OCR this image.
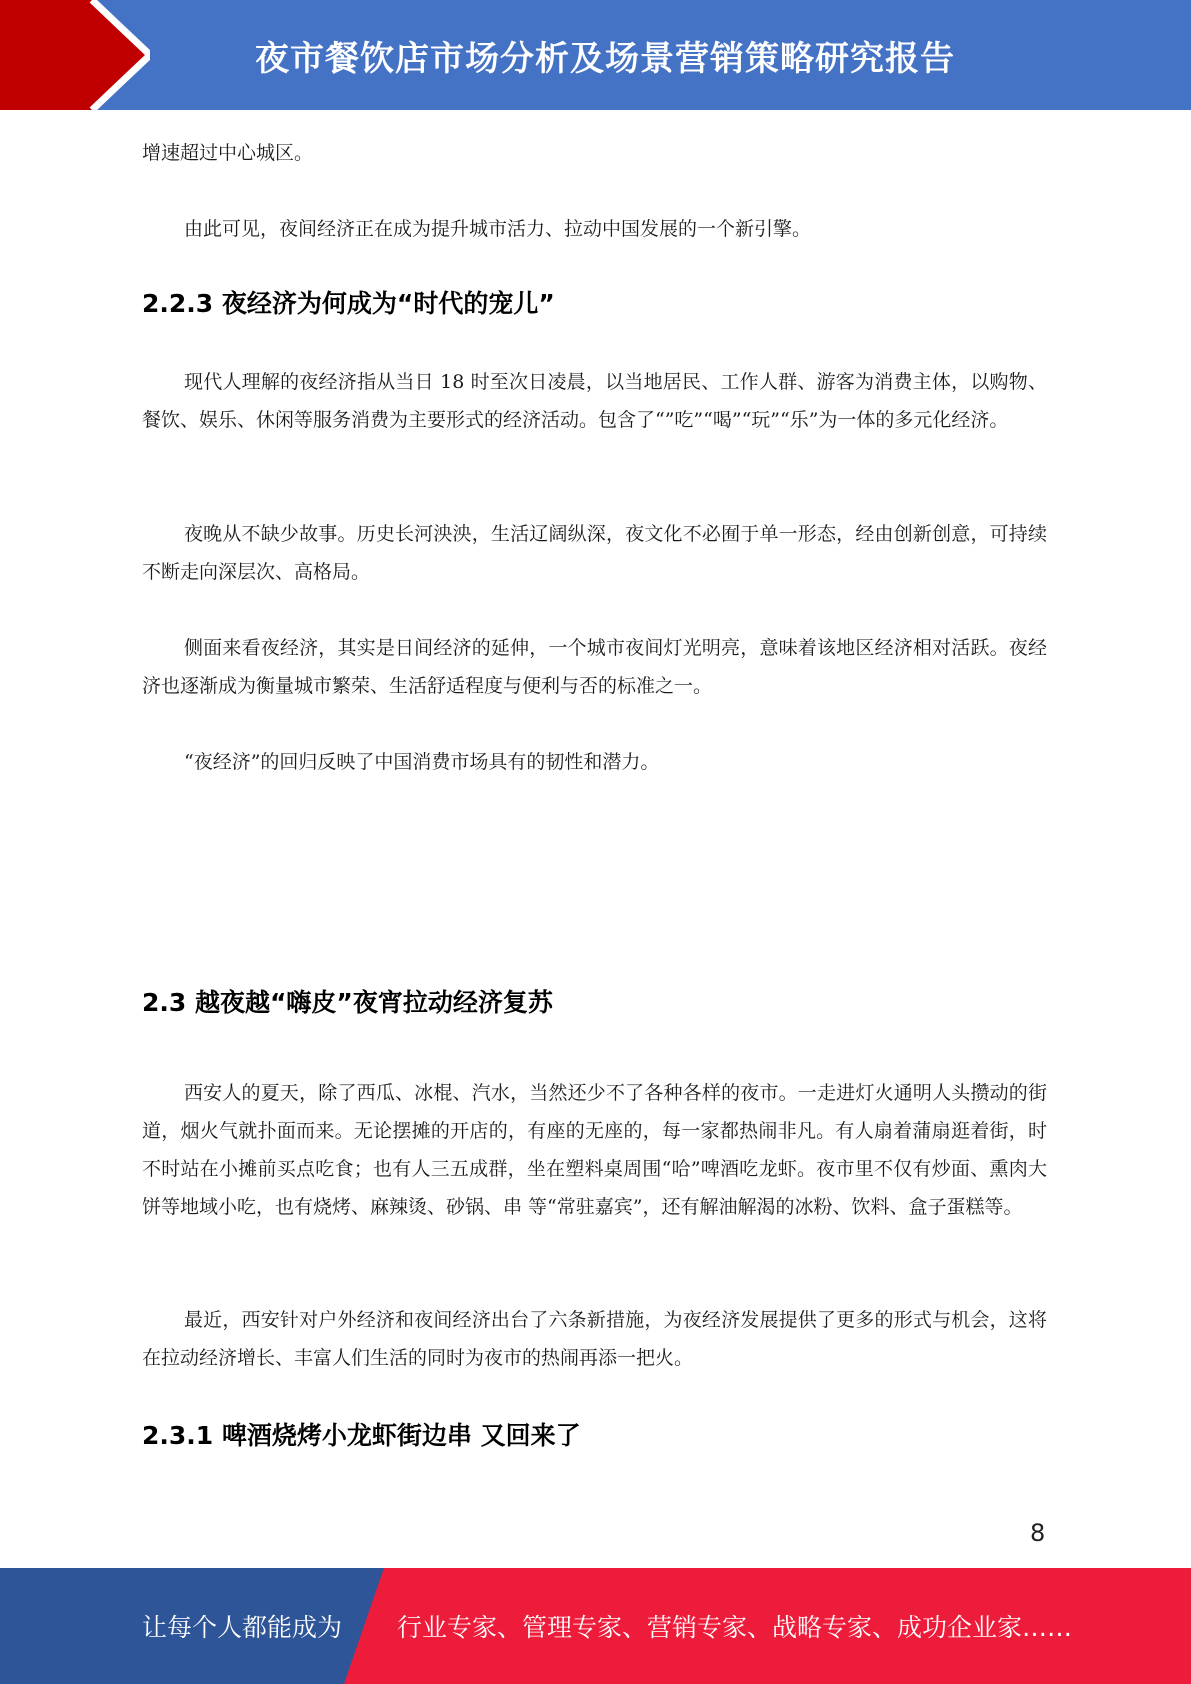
夜市餐饮店市场分析及场景营销策略研究报告

增速超过中心城区。

由此可见，夜间经济正在成为提升城市活力、拉动中国发展的一个新引擎。

2.2.3 夜经济为何成为“时代的宠儿”

现代人理解的夜经济指从当日 18 时至次日凌晨，以当地居民、工作人群、游客为消费主体，以购物、餐饮、娱乐、休闲等服务消费为主要形式的经济活动。包含了“”吃”“喝”“玩”“乐”为一体的多元化经济。

夜晚从不缺少故事。历史长河泱泱，生活辽阔纵深，夜文化不必囿于单一形态，经由创新创意，可持续不断走向深层次、高格局。

侧面来看夜经济，其实是日间经济的延伸，一个城市夜间灯光明亮，意味着该地区经济相对活跃。夜经济也逐渐成为衡量城市繁荣、生活舒适程度与便利与否的标准之一。

“夜经济”的回归反映了中国消费市场具有的韧性和潜力。

2.3 越夜越“嗨皮”夜宵拉动经济复苏

西安人的夏天，除了西瓜、冰棍、汽水，当然还少不了各种各样的夜市。一走进灯火通明人头攒动的街道，烟火气就扑面而来。无论摆摊的开店的，有座的无座的，每一家都热闹非凡。有人扇着蒲扇逛着街，时不时站在小摊前买点吃食；也有人三五成群，坐在塑料桌周围“哈”啤酒吃龙虾。夜市里不仅有炒面、熏肉大饼等地域小吃，也有烧烤、麻辣烫、砂锅、串 等“常驻嘉宾”，还有解油解渴的冰粉、饮料、盒子蛋糕等。

最近，西安针对户外经济和夜间经济出台了六条新措施，为夜经济发展提供了更多的形式与机会，这将在拉动经济增长、丰富人们生活的同时为夜市的热闹再添一把火。

2.3.1 啤酒烧烤小龙虾街边串 又回来了
8
让每个人都能成为 行业专家、管理专家、营销专家、战略专家、成功企业家……
